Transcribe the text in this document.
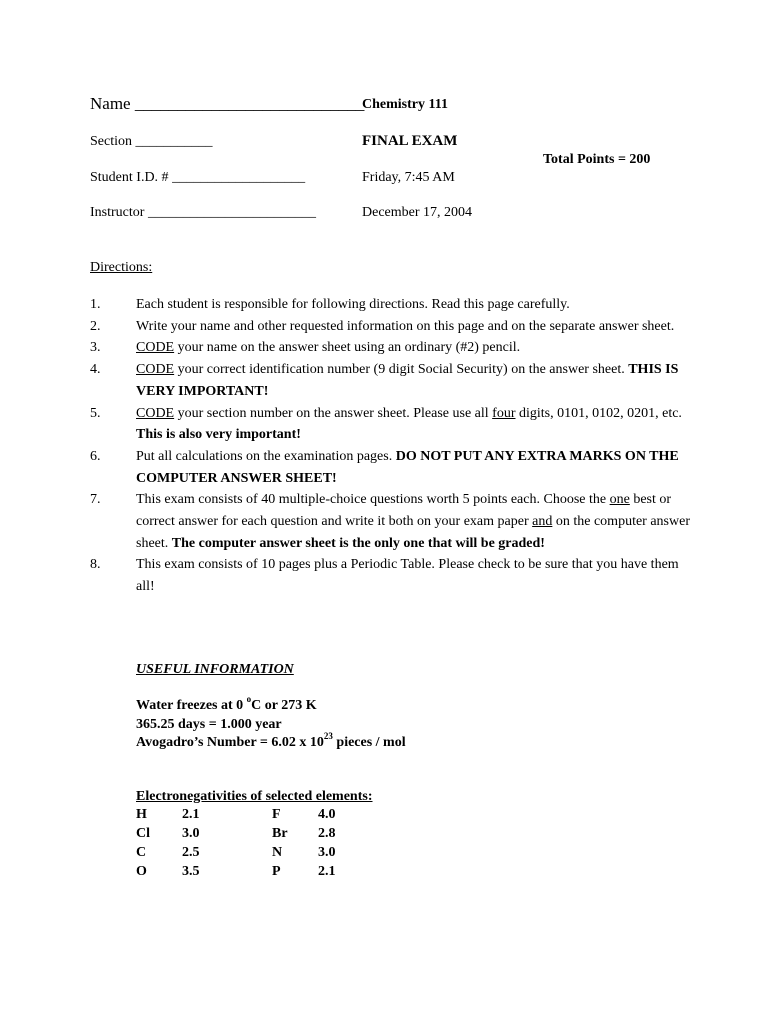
Name ___________________________
Section ___________
Student I.D. # ___________________
Instructor ________________________
Chemistry 111
FINAL EXAM
Friday, 7:45 AM
December 17, 2004
Total Points = 200
Directions:
1.	Each student is responsible for following directions. Read this page carefully.
2.	Write your name and other requested information on this page and on the separate answer sheet.
3.	CODE your name on the answer sheet using an ordinary (#2) pencil.
4.	CODE your correct identification number (9 digit Social Security) on the answer sheet. THIS IS VERY IMPORTANT!
5.	CODE your section number on the answer sheet. Please use all four digits, 0101, 0102, 0201, etc. This is also very important!
6.	Put all calculations on the examination pages. DO NOT PUT ANY EXTRA MARKS ON THE COMPUTER ANSWER SHEET!
7.	This exam consists of 40 multiple-choice questions worth 5 points each. Choose the one best or correct answer for each question and write it both on your exam paper and on the computer answer sheet. The computer answer sheet is the only one that will be graded!
8.	This exam consists of 10 pages plus a Periodic Table. Please check to be sure that you have them all!
USEFUL INFORMATION
Water freezes at 0 $^o$C or 273 K
365.25 days = 1.000 year
Avogadro’s Number = 6.02 x $10^{23}$ pieces / mol
Electronegativities of selected elements:
H	2.1	F	4.0
Cl	3.0	Br	2.8
C	2.5	N	3.0
O	3.5	P	2.1
